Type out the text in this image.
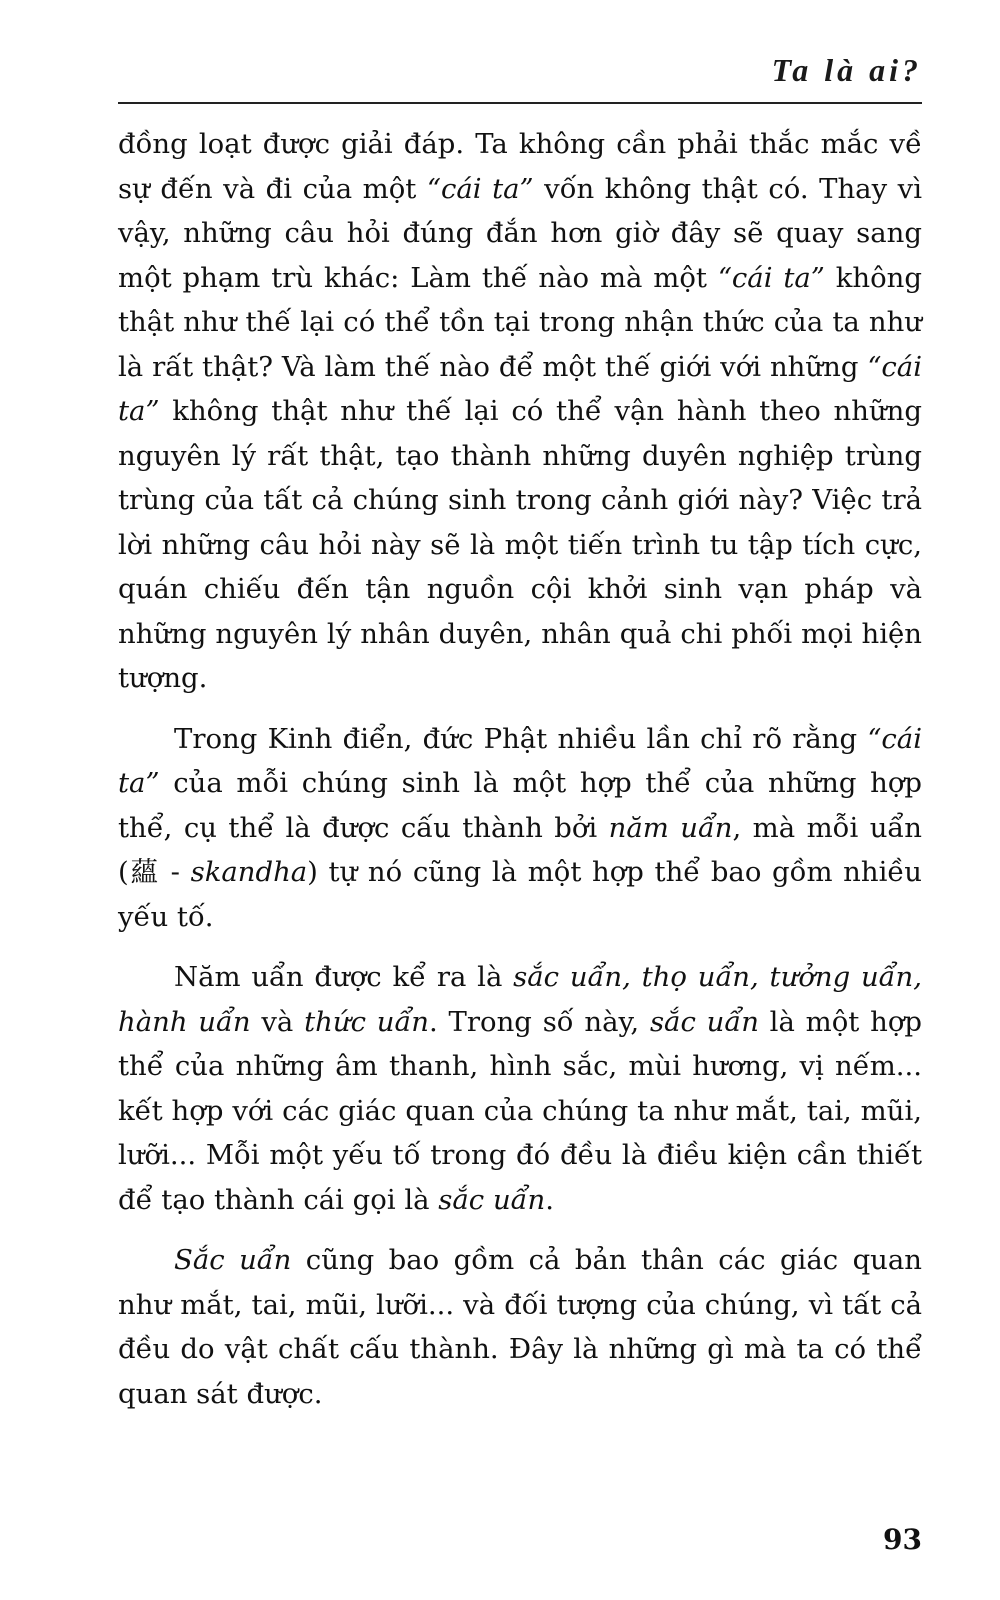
Ta là ai?

đồng loạt được giải đáp. Ta không cần phải thắc mắc về sự đến và đi của một “cái ta” vốn không thật có. Thay vì vậy, những câu hỏi đúng đắn hơn giờ đây sẽ quay sang một phạm trù khác: Làm thế nào mà một “cái ta” không thật như thế lại có thể tồn tại trong nhận thức của ta như là rất thật? Và làm thế nào để một thế giới với những “cái ta” không thật như thế lại có thể vận hành theo những nguyên lý rất thật, tạo thành những duyên nghiệp trùng trùng của tất cả chúng sinh trong cảnh giới này? Việc trả lời những câu hỏi này sẽ là một tiến trình tu tập tích cực, quán chiếu đến tận nguồn cội khởi sinh vạn pháp và những nguyên lý nhân duyên, nhân quả chi phối mọi hiện tượng.

Trong Kinh điển, đức Phật nhiều lần chỉ rõ rằng “cái ta” của mỗi chúng sinh là một hợp thể của những hợp thể, cụ thể là được cấu thành bởi năm uẩn, mà mỗi uẩn (蘊 - skandha) tự nó cũng là một hợp thể bao gồm nhiều yếu tố.

Năm uẩn được kể ra là sắc uẩn, thọ uẩn, tưởng uẩn, hành uẩn và thức uẩn. Trong số này, sắc uẩn là một hợp thể của những âm thanh, hình sắc, mùi hương, vị nếm... kết hợp với các giác quan của chúng ta như mắt, tai, mũi, lưỡi... Mỗi một yếu tố trong đó đều là điều kiện cần thiết để tạo thành cái gọi là sắc uẩn.

Sắc uẩn cũng bao gồm cả bản thân các giác quan như mắt, tai, mũi, lưỡi... và đối tượng của chúng, vì tất cả đều do vật chất cấu thành. Đây là những gì mà ta có thể quan sát được.

93
